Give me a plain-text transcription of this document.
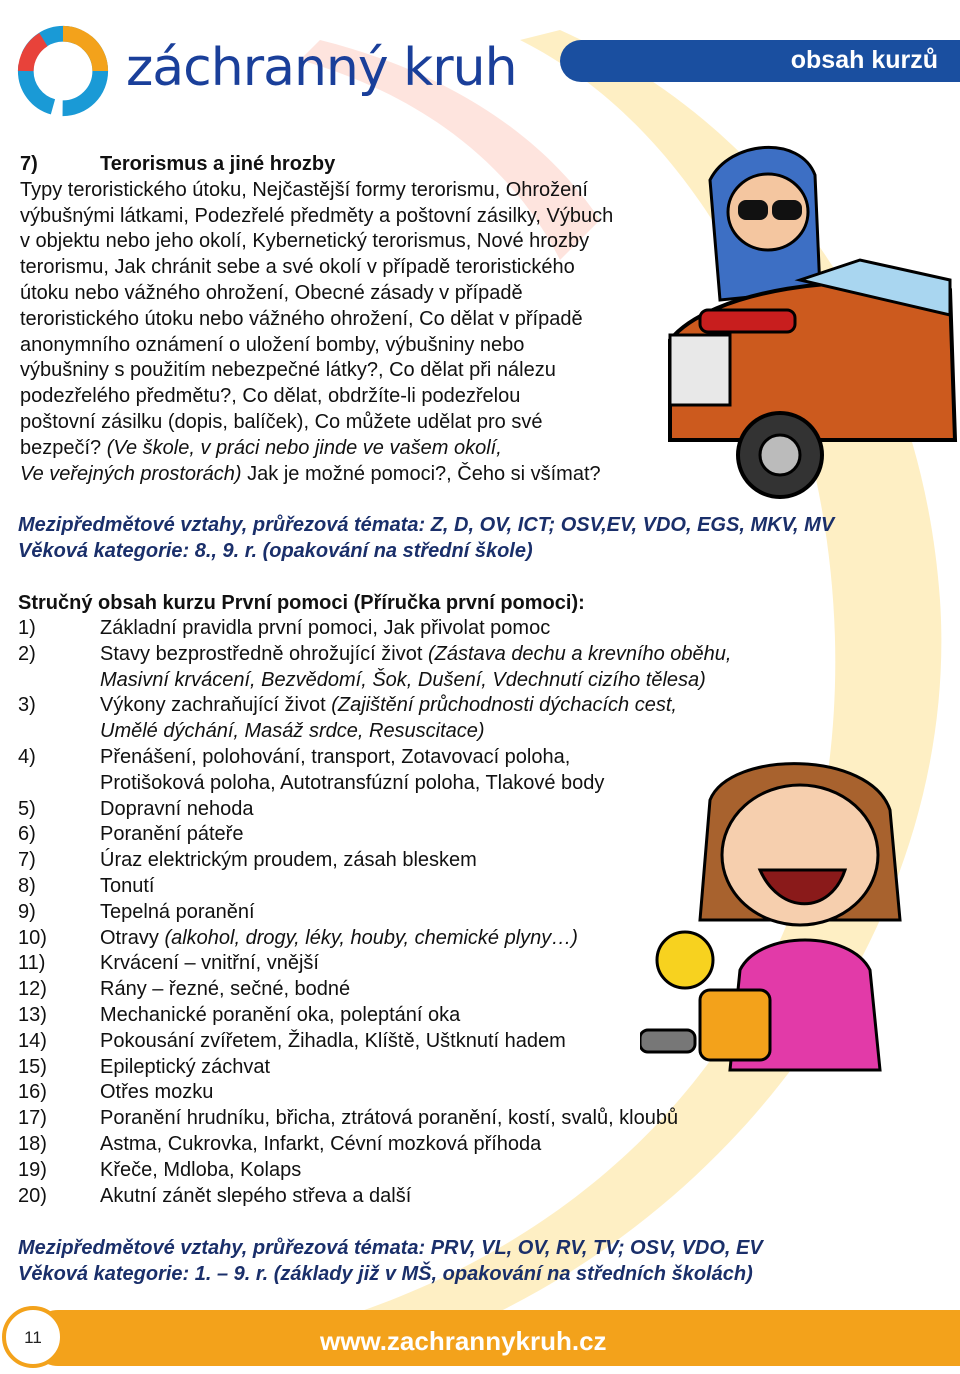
záchranný kruh	obsah kurzů
7)	Terorismus a jiné hrozby
Typy teroristického útoku, Nejčastější formy terorismu, Ohrožení
výbušnými látkami, Podezřelé předměty a poštovní zásilky, Výbuch
v objektu nebo jeho okolí, Kybernetický terorismus, Nové hrozby
terorismu, Jak chránit sebe a své okolí v případě teroristického
útoku nebo vážného ohrožení, Obecné zásady v případě
teroristického útoku nebo vážného ohrožení, Co dělat v případě
anonymního oznámení o uložení bomby, výbušniny nebo
výbušniny s použitím nebezpečné látky?, Co dělat při nálezu
podezřelého předmětu?, Co dělat, obdržíte-li podezřelou
poštovní zásilku (dopis, balíček), Co můžete udělat pro své
bezpečí? (Ve škole, v práci nebo jinde ve vašem okolí,
Ve veřejných prostorách) Jak je možné pomoci?, Čeho si všímat?
Mezipředmětové vztahy, průřezová témata: Z, D, OV, ICT; OSV,EV, VDO, EGS, MKV, MV
Věková kategorie: 8., 9. r. (opakování na střední škole)
Stručný obsah kurzu První pomoci (Příručka první pomoci):
1)	Základní pravidla první pomoci, Jak přivolat pomoc
2)	Stavy bezprostředně ohrožující život (Zástava dechu a krevního oběhu,
Masivní krvácení, Bezvědomí, Šok, Dušení, Vdechnutí cizího tělesa)
3)	Výkony zachraňující život (Zajištění průchodnosti dýchacích cest,
Umělé dýchání, Masáž srdce, Resuscitace)
4)	Přenášení, polohování, transport, Zotavovací poloha,
Protišoková poloha, Autotransfúzní poloha, Tlakové body
5)	Dopravní nehoda
6)	Poranění páteře
7)	Úraz elektrickým proudem, zásah bleskem
8)	Tonutí
9)	Tepelná poranění
10)	Otravy (alkohol, drogy, léky, houby, chemické plyny…)
11)	Krvácení – vnitřní, vnější
12)	Rány – řezné, sečné, bodné
13)	Mechanické poranění oka, poleptání oka
14)	Pokousání zvířetem, Žihadla, Klíště, Uštknutí hadem
15)	Epileptický záchvat
16)	Otřes mozku
17)	Poranění hrudníku, břicha, ztrátová poranění, kostí, svalů, kloubů
18)	Astma, Cukrovka, Infarkt, Cévní mozková příhoda
19)	Křeče, Mdloba, Kolaps
20)	Akutní zánět slepého střeva a další
Mezipředmětové vztahy, průřezová témata: PRV, VL, OV, RV, TV; OSV, VDO, EV
Věková kategorie: 1. – 9. r. (základy již v MŠ, opakování na středních školách)
11	www.zachrannykruh.cz
